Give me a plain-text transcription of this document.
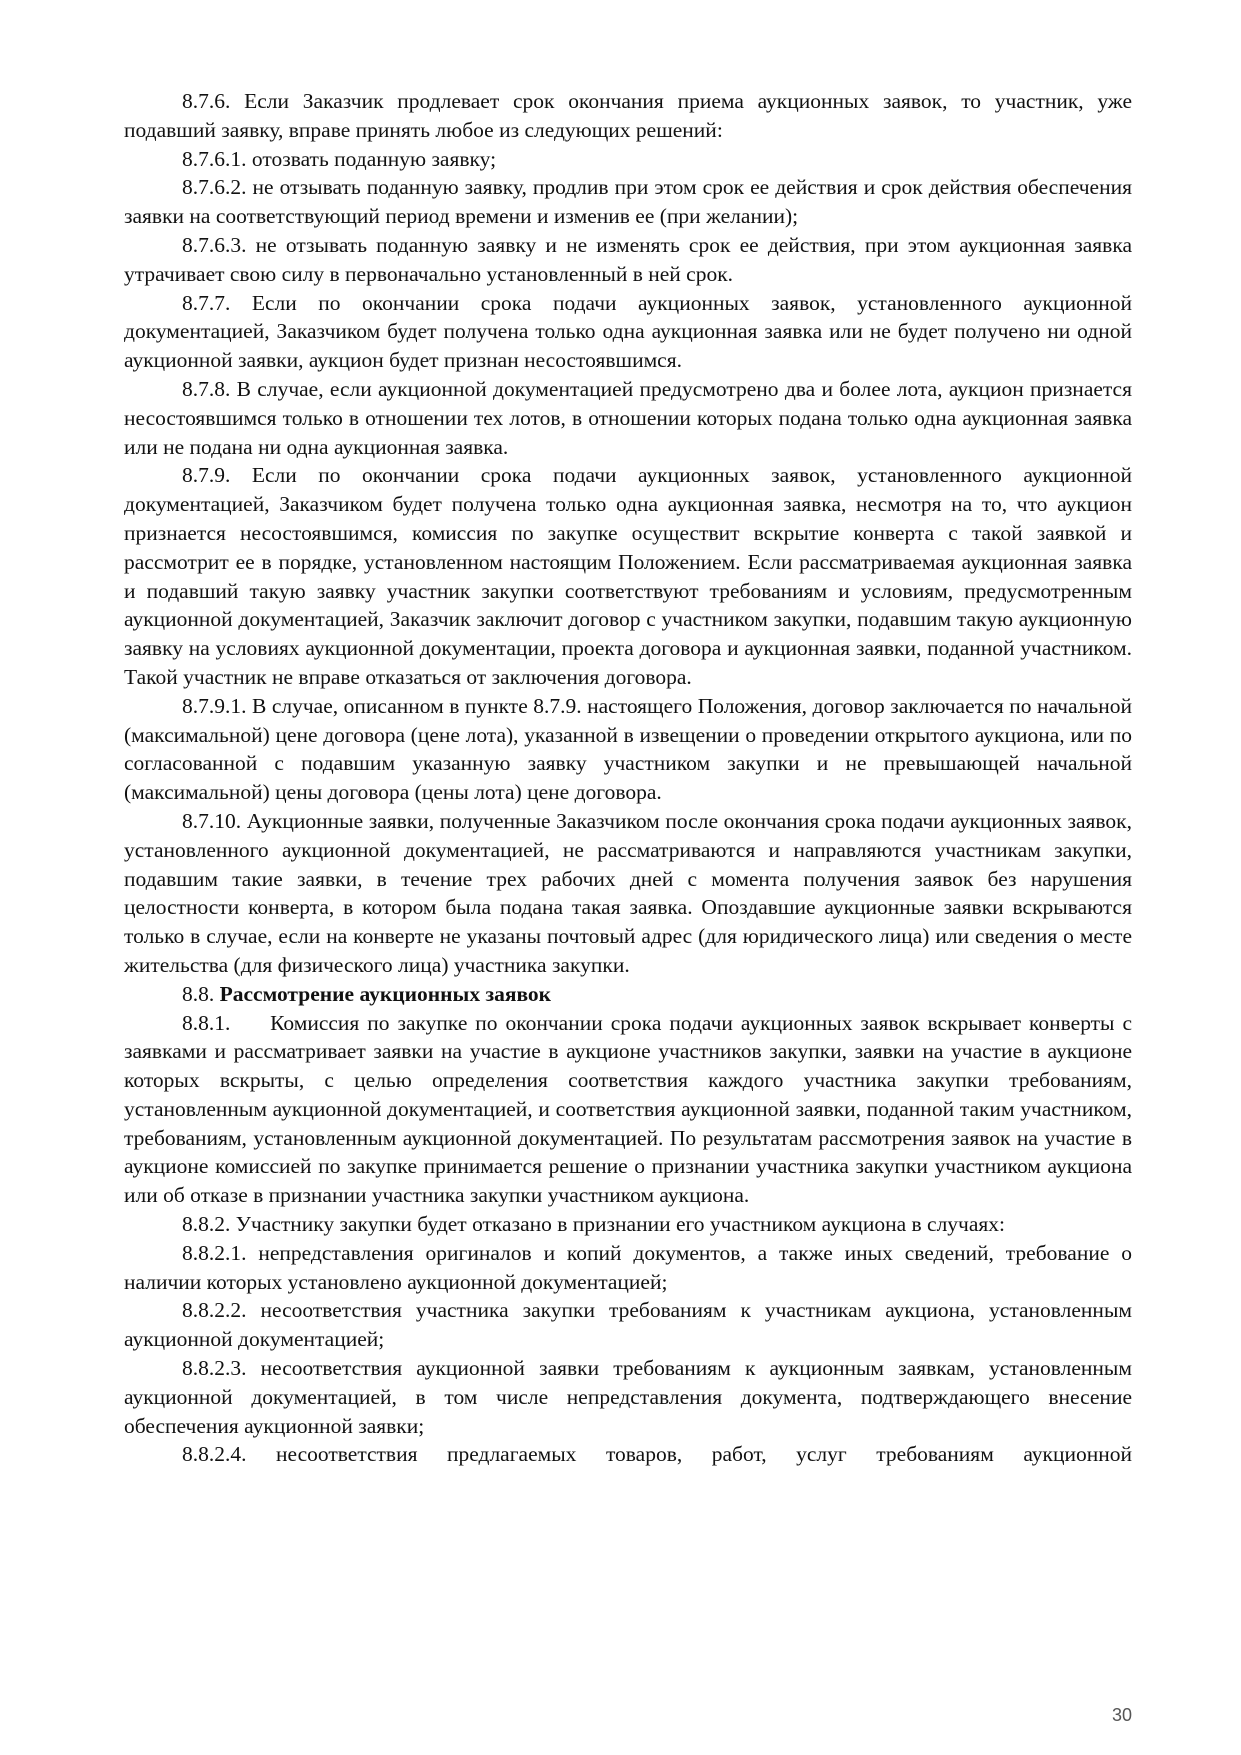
8.7.6. Если Заказчик продлевает срок окончания приема аукционных заявок, то участник, уже подавший заявку, вправе принять любое из следующих решений:

8.7.6.1. отозвать поданную заявку;

8.7.6.2. не отзывать поданную заявку, продлив при этом срок ее действия и срок действия обеспечения заявки на соответствующий период времени и изменив ее (при желании);

8.7.6.3. не отзывать поданную заявку и не изменять срок ее действия, при этом аукционная заявка утрачивает свою силу в первоначально установленный в ней срок.

8.7.7. Если по окончании срока подачи аукционных заявок, установленного аукционной документацией, Заказчиком будет получена только одна аукционная заявка или не будет получено ни одной аукционной заявки, аукцион будет признан несостоявшимся.

8.7.8. В случае, если аукционной документацией предусмотрено два и более лота, аукцион признается несостоявшимся только в отношении тех лотов, в отношении которых подана только одна аукционная заявка или не подана ни одна аукционная заявка.

8.7.9. Если по окончании срока подачи аукционных заявок, установленного аукционной документацией, Заказчиком будет получена только одна аукционная заявка, несмотря на то, что аукцион признается несостоявшимся, комиссия по закупке осуществит вскрытие конверта с такой заявкой и рассмотрит ее в порядке, установленном настоящим Положением. Если рассматриваемая аукционная заявка и подавший такую заявку участник закупки соответствуют требованиям и условиям, предусмотренным аукционной документацией, Заказчик заключит договор с участником закупки, подавшим такую аукционную заявку на условиях аукционной документации, проекта договора и аукционная заявки, поданной участником. Такой участник не вправе отказаться от заключения договора.

8.7.9.1. В случае, описанном в пункте 8.7.9. настоящего Положения, договор заключается по начальной (максимальной) цене договора (цене лота), указанной в извещении о проведении открытого аукциона, или по согласованной с подавшим указанную заявку участником закупки и не превышающей начальной (максимальной) цены договора (цены лота) цене договора.

8.7.10. Аукционные заявки, полученные Заказчиком после окончания срока подачи аукционных заявок, установленного аукционной документацией, не рассматриваются и направляются участникам закупки, подавшим такие заявки, в течение трех рабочих дней с момента получения заявок без нарушения целостности конверта, в котором была подана такая заявка. Опоздавшие аукционные заявки вскрываются только в случае, если на конверте не указаны почтовый адрес (для юридического лица) или сведения о месте жительства (для физического лица) участника закупки.

8.8. Рассмотрение аукционных заявок

8.8.1.     Комиссия по закупке по окончании срока подачи аукционных заявок вскрывает конверты с заявками и рассматривает заявки на участие в аукционе участников закупки, заявки на участие в аукционе которых вскрыты, с целью определения соответствия каждого участника закупки требованиям, установленным аукционной документацией, и соответствия аукционной заявки, поданной таким участником, требованиям, установленным аукционной документацией. По результатам рассмотрения заявок на участие в аукционе комиссией по закупке принимается решение о признании участника закупки участником аукциона или об отказе в признании участника закупки участником аукциона.

8.8.2. Участнику закупки будет отказано в признании его участником аукциона в случаях:

8.8.2.1. непредставления оригиналов и копий документов, а также иных сведений, требование о наличии которых установлено аукционной документацией;

8.8.2.2. несоответствия участника закупки требованиям к участникам аукциона, установленным аукционной документацией;

8.8.2.3. несоответствия аукционной заявки требованиям к аукционным заявкам, установленным аукционной документацией, в том числе непредставления документа, подтверждающего внесение обеспечения аукционной заявки;

8.8.2.4. несоответствия предлагаемых товаров, работ, услуг требованиям аукционной

30
